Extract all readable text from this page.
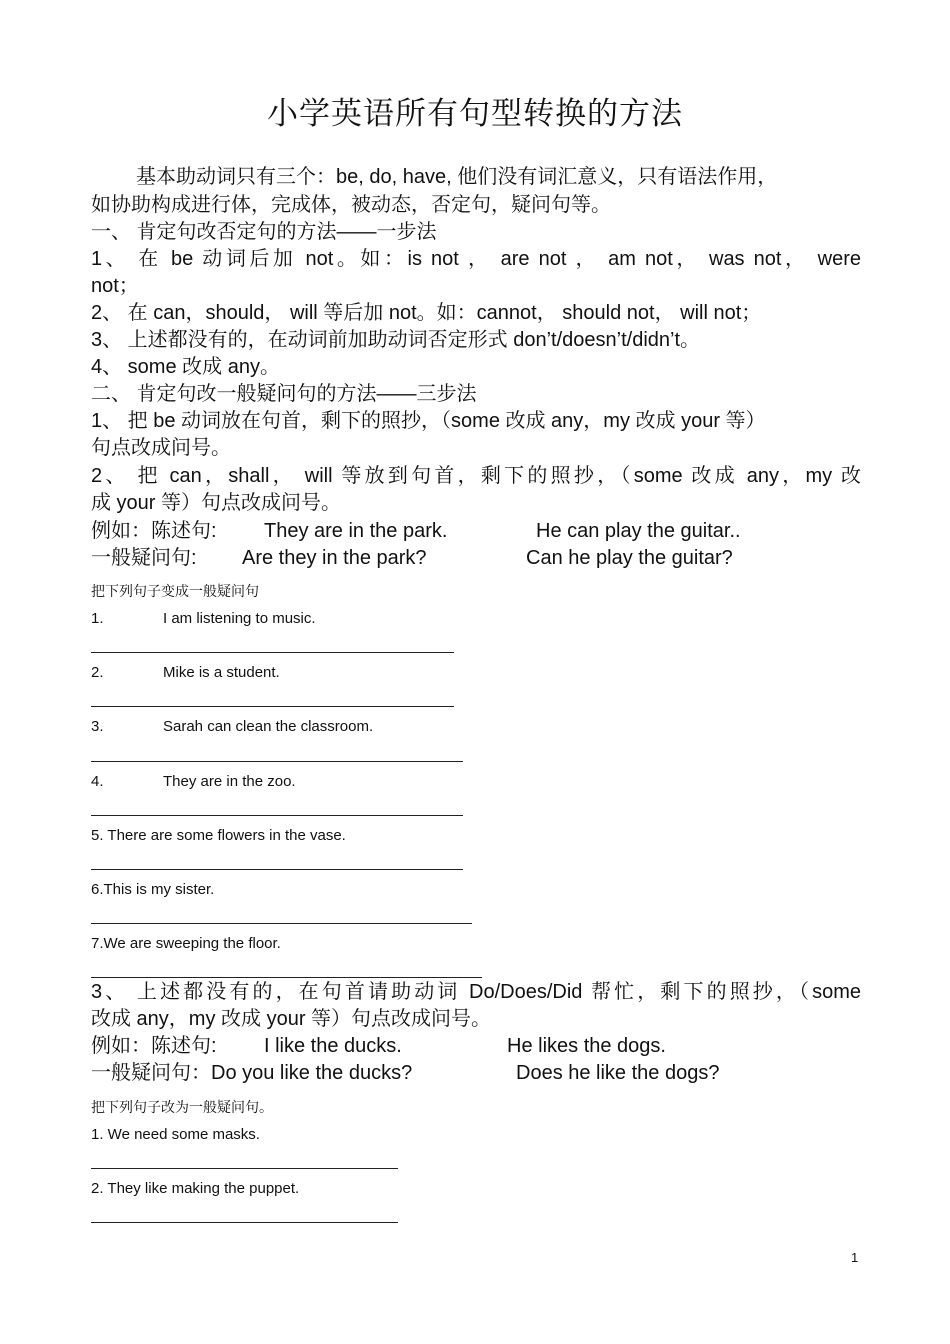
小学英语所有句型转换的方法
基本助动词只有三个：be, do, have, 他们没有词汇意义，只有语法作用，
如协助构成进行体，完成体，被动态，否定句，疑问句等。
一、 肯定句改否定句的方法——一步法
1、 在 be 动词后加 not。如：is not ， are not ， am not， was not， were
not；
2、 在 can，should， will 等后加 not。如：cannot， should not， will not；
3、 上述都没有的，在动词前加助动词否定形式 don’t/doesn’t/didn’t。
4、 some 改成 any。
二、 肯定句改一般疑问句的方法——三步法
1、 把 be 动词放在句首，剩下的照抄，（some 改成 any，my 改成 your 等）
句点改成问号。
2、 把 can，shall， will 等放到句首，剩下的照抄，（some 改成 any，my 改
成 your 等）句点改成问号。
例如：陈述句: They are in the park.	He can play the guitar..
一般疑问句: Are they in the park?	Can he play the guitar?
把下列句子变成一般疑问句
1.	I am listening to music.
2.	Mike is a student.
3.	Sarah can clean the classroom.
4.	They are in the zoo.
5. There are some flowers in the vase.
6.This is my sister.
7.We are sweeping the floor.
3、 上述都没有的，在句首请助动词 Do/Does/Did 帮忙，剩下的照抄，（some
改成 any，my 改成 your 等）句点改成问号。
例如：陈述句: I like the ducks.	He likes the dogs.
一般疑问句：Do you like the ducks?	Does he like the dogs?
把下列句子改为一般疑问句。
1. We need some masks.
2. They like making the puppet.
1
